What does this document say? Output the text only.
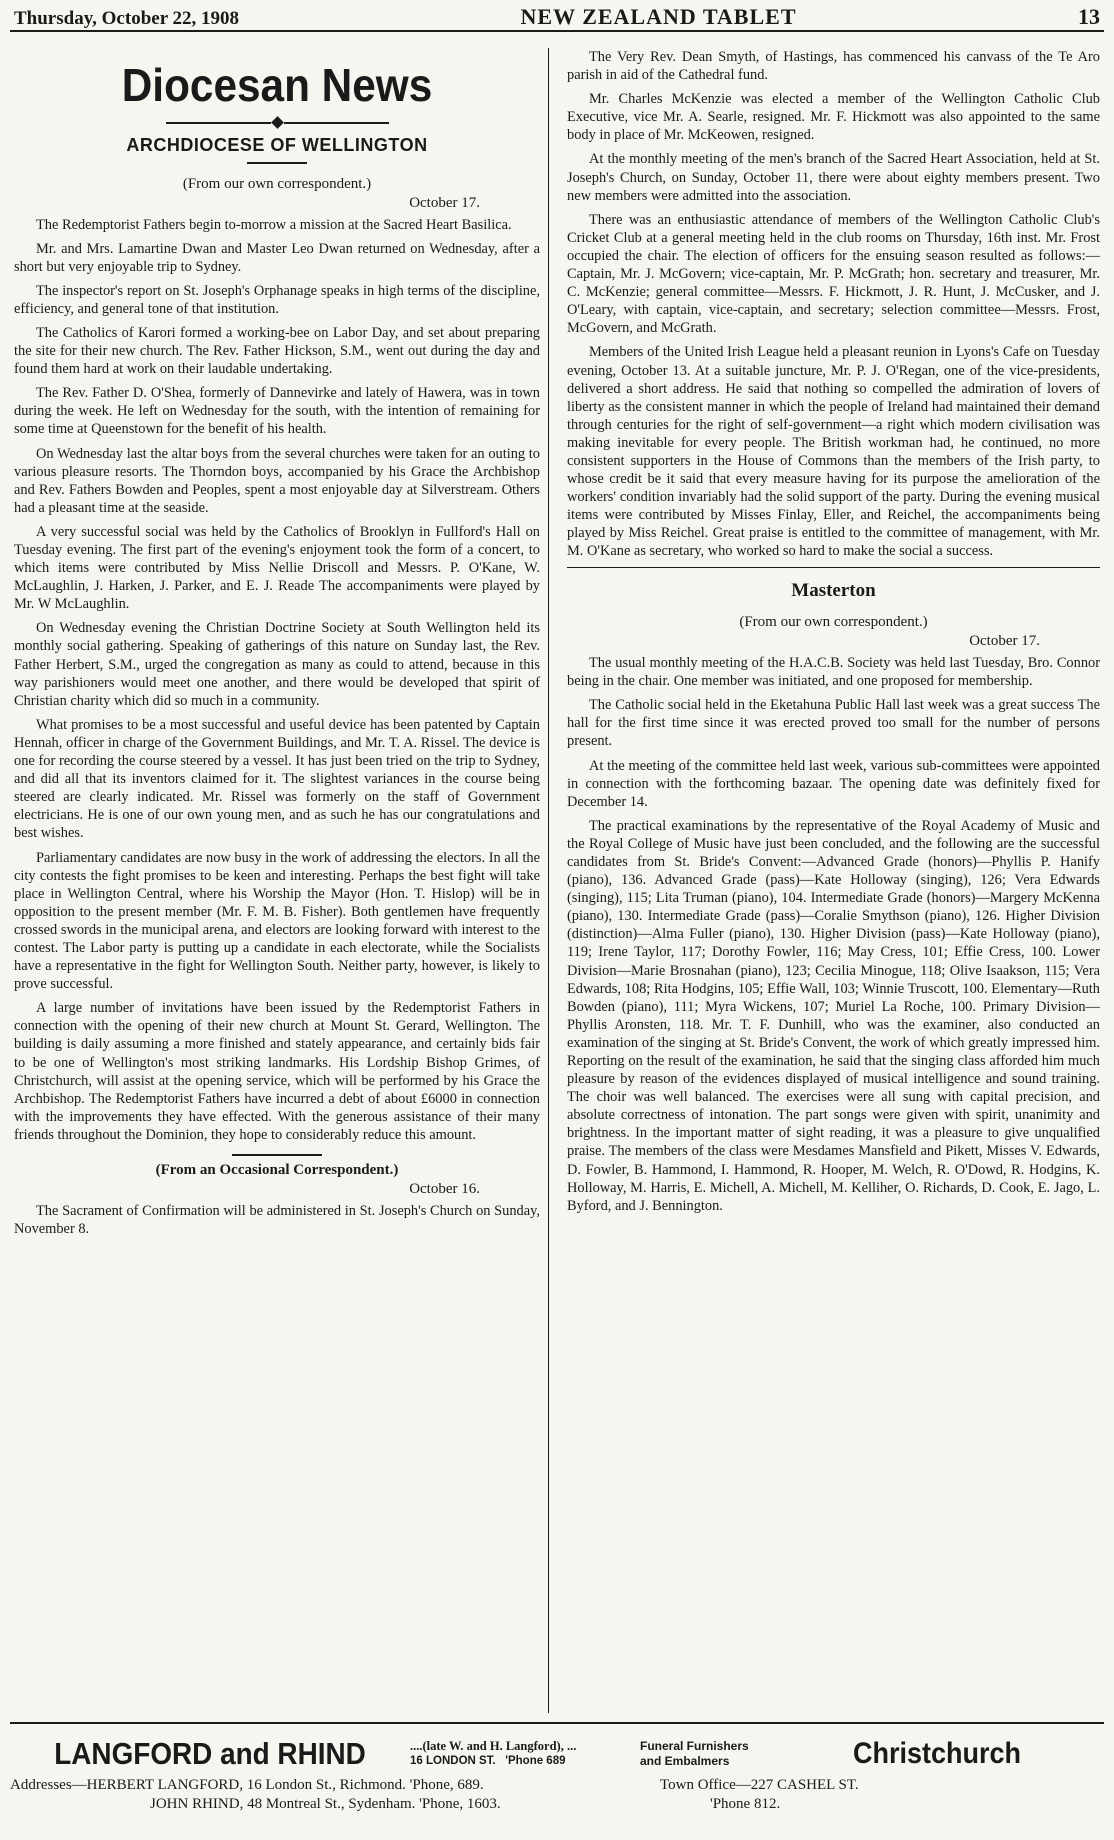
Thursday, October 22, 1908	NEW ZEALAND TABLET	13
Diocesan News
ARCHDIOCESE OF WELLINGTON
(From our own correspondent.)
October 17.

The Redemptorist Fathers begin to-morrow a mission at the Sacred Heart Basilica.

Mr. and Mrs. Lamartine Dwan and Master Leo Dwan returned on Wednesday, after a short but very enjoyable trip to Sydney.

The inspector's report on St. Joseph's Orphanage speaks in high terms of the discipline, efficiency, and general tone of that institution.

The Catholics of Karori formed a working-bee on Labor Day, and set about preparing the site for their new church. The Rev. Father Hickson, S.M., went out during the day and found them hard at work on their laudable undertaking.

The Rev. Father D. O'Shea, formerly of Dannevirke and lately of Hawera, was in town during the week. He left on Wednesday for the south, with the intention of remaining for some time at Queenstown for the benefit of his health.

On Wednesday last the altar boys from the several churches were taken for an outing to various pleasure resorts. The Thorndon boys, accompanied by his Grace the Archbishop and Rev. Fathers Bowden and Peoples, spent a most enjoyable day at Silverstream. Others had a pleasant time at the seaside.

A very successful social was held by the Catholics of Brooklyn in Fullford's Hall on Tuesday evening. The first part of the evening's enjoyment took the form of a concert, to which items were contributed by Miss Nellie Driscoll and Messrs. P. O'Kane, W. McLaughlin, J. Harken, J. Parker, and E. J. Reade The accompaniments were played by Mr. W McLaughlin.

On Wednesday evening the Christian Doctrine Society at South Wellington held its monthly social gathering. Speaking of gatherings of this nature on Sunday last, the Rev. Father Herbert, S.M., urged the congregation as many as could to attend, because in this way parishioners would meet one another, and there would be developed that spirit of Christian charity which did so much in a community.

What promises to be a most successful and useful device has been patented by Captain Hennah, officer in charge of the Government Buildings, and Mr. T. A. Rissel. The device is one for recording the course steered by a vessel. It has just been tried on the trip to Sydney, and did all that its inventors claimed for it. The slightest variances in the course being steered are clearly indicated. Mr. Rissel was formerly on the staff of Government electricians. He is one of our own young men, and as such he has our congratulations and best wishes.

Parliamentary candidates are now busy in the work of addressing the electors. In all the city contests the fight promises to be keen and interesting. Perhaps the best fight will take place in Wellington Central, where his Worship the Mayor (Hon. T. Hislop) will be in opposition to the present member (Mr. F. M. B. Fisher). Both gentlemen have frequently crossed swords in the municipal arena, and electors are looking forward with interest to the contest. The Labor party is putting up a candidate in each electorate, while the Socialists have a representative in the fight for Wellington South. Neither party, however, is likely to prove successful.

A large number of invitations have been issued by the Redemptorist Fathers in connection with the opening of their new church at Mount St. Gerard, Wellington. The building is daily assuming a more finished and stately appearance, and certainly bids fair to be one of Wellington's most striking landmarks. His Lordship Bishop Grimes, of Christchurch, will assist at the opening service, which will be performed by his Grace the Archbishop. The Redemptorist Fathers have incurred a debt of about £6000 in connection with the improvements they have effected. With the generous assistance of their many friends throughout the Dominion, they hope to considerably reduce this amount.

(From an Occasional Correspondent.)
October 16.

The Sacrament of Confirmation will be administered in St. Joseph's Church on Sunday, November 8.

The Very Rev. Dean Smyth, of Hastings, has commenced his canvass of the Te Aro parish in aid of the Cathedral fund.

Mr. Charles McKenzie was elected a member of the Wellington Catholic Club Executive, vice Mr. A. Searle, resigned. Mr. F. Hickmott was also appointed to the same body in place of Mr. McKeowen, resigned.

At the monthly meeting of the men's branch of the Sacred Heart Association, held at St. Joseph's Church, on Sunday, October 11, there were about eighty members present. Two new members were admitted into the association.

There was an enthusiastic attendance of members of the Wellington Catholic Club's Cricket Club at a general meeting held in the club rooms on Thursday, 16th inst. Mr. Frost occupied the chair. The election of officers for the ensuing season resulted as follows:—Captain, Mr. J. McGovern; vice-captain, Mr. P. McGrath; hon. secretary and treasurer, Mr. C. McKenzie; general committee—Messrs. F. Hickmott, J. R. Hunt, J. McCusker, and J. O'Leary, with captain, vice-captain, and secretary; selection committee—Messrs. Frost, McGovern, and McGrath.

Members of the United Irish League held a pleasant reunion in Lyons's Cafe on Tuesday evening, October 13. At a suitable juncture, Mr. P. J. O'Regan, one of the vice-presidents, delivered a short address. He said that nothing so compelled the admiration of lovers of liberty as the consistent manner in which the people of Ireland had maintained their demand through centuries for the right of self-government—a right which modern civilisation was making inevitable for every people. The British workman had, he continued, no more consistent supporters in the House of Commons than the members of the Irish party, to whose credit be it said that every measure having for its purpose the amelioration of the workers' condition invariably had the solid support of the party. During the evening musical items were contributed by Misses Finlay, Eller, and Reichel, the accompaniments being played by Miss Reichel. Great praise is entitled to the committee of management, with Mr. M. O'Kane as secretary, who worked so hard to make the social a success.

Masterton
(From our own correspondent.)
October 17.

The usual monthly meeting of the H.A.C.B. Society was held last Tuesday, Bro. Connor being in the chair. One member was initiated, and one proposed for membership.

The Catholic social held in the Eketahuna Public Hall last week was a great success The hall for the first time since it was erected proved too small for the number of persons present.

At the meeting of the committee held last week, various sub-committees were appointed in connection with the forthcoming bazaar. The opening date was definitely fixed for December 14.

The practical examinations by the representative of the Royal Academy of Music and the Royal College of Music have just been concluded, and the following are the successful candidates from St. Bride's Convent:—Advanced Grade (honors)—Phyllis P. Hanify (piano), 136. Advanced Grade (pass)—Kate Holloway (singing), 126; Vera Edwards (singing), 115; Lita Truman (piano), 104. Intermediate Grade (honors)—Margery McKenna (piano), 130. Intermediate Grade (pass)—Coralie Smythson (piano), 126. Higher Division (distinction)—Alma Fuller (piano), 130. Higher Division (pass)—Kate Holloway (piano), 119; Irene Taylor, 117; Dorothy Fowler, 116; May Cress, 101; Effie Cress, 100. Lower Division—Marie Brosnahan (piano), 123; Cecilia Minogue, 118; Olive Isaakson, 115; Vera Edwards, 108; Rita Hodgins, 105; Effie Wall, 103; Winnie Truscott, 100. Elementary—Ruth Bowden (piano), 111; Myra Wickens, 107; Muriel La Roche, 100. Primary Division—Phyllis Aronsten, 118. Mr. T. F. Dunhill, who was the examiner, also conducted an examination of the singing at St. Bride's Convent, the work of which greatly impressed him. Reporting on the result of the examination, he said that the singing class afforded him much pleasure by reason of the evidences displayed of musical intelligence and sound training. The choir was well balanced. The exercises were all sung with capital precision, and absolute correctness of intonation. The part songs were given with spirit, unanimity and brightness. In the important matter of sight reading, it was a pleasure to give unqualified praise. The members of the class were Mesdames Mansfield and Pikett, Misses V. Edwards, D. Fowler, B. Hammond, I. Hammond, R. Hooper, M. Welch, R. O'Dowd, R. Hodgins, K. Holloway, M. Harris, E. Michell, A. Michell, M. Kelliher, O. Richards, D. Cook, E. Jago, L. Byford, and J. Bennington.

LANGFORD and RHIND	....(late W. and H. Langford), ...
16 LONDON ST. 'Phone 689
Funeral Furnishers
and Embalmers	Christchurch
Addresses—HERBERT LANGFORD, 16 London St., Richmond. 'Phone, 689.
JOHN RHIND, 48 Montreal St., Sydenham. 'Phone, 1603.
Town Office—227 CASHEL ST.
'Phone 812.
